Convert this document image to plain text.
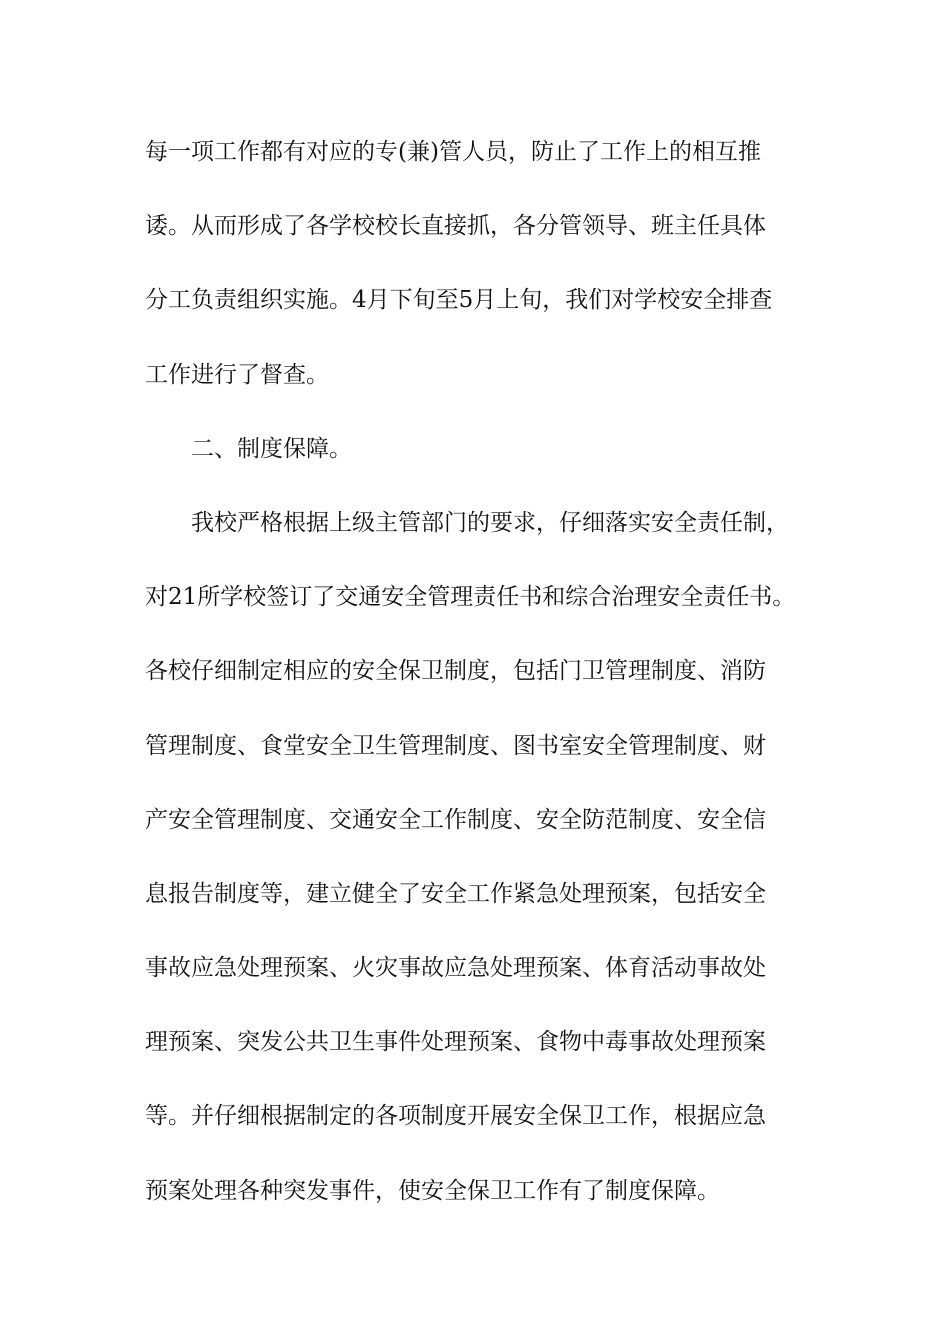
每一项工作都有对应的专(兼)管人员，防止了工作上的相互推
诿。从而形成了各学校校长直接抓，各分管领导、班主任具体
分工负责组织实施。4月下旬至5月上旬，我们对学校安全排查
工作进行了督查。
二、制度保障。
我校严格根据上级主管部门的要求，仔细落实安全责任制，
对21所学校签订了交通安全管理责任书和综合治理安全责任书。
各校仔细制定相应的安全保卫制度，包括门卫管理制度、消防
管理制度、食堂安全卫生管理制度、图书室安全管理制度、财
产安全管理制度、交通安全工作制度、安全防范制度、安全信
息报告制度等，建立健全了安全工作紧急处理预案，包括安全
事故应急处理预案、火灾事故应急处理预案、体育活动事故处
理预案、突发公共卫生事件处理预案、食物中毒事故处理预案
等。并仔细根据制定的各项制度开展安全保卫工作，根据应急
预案处理各种突发事件，使安全保卫工作有了制度保障。
